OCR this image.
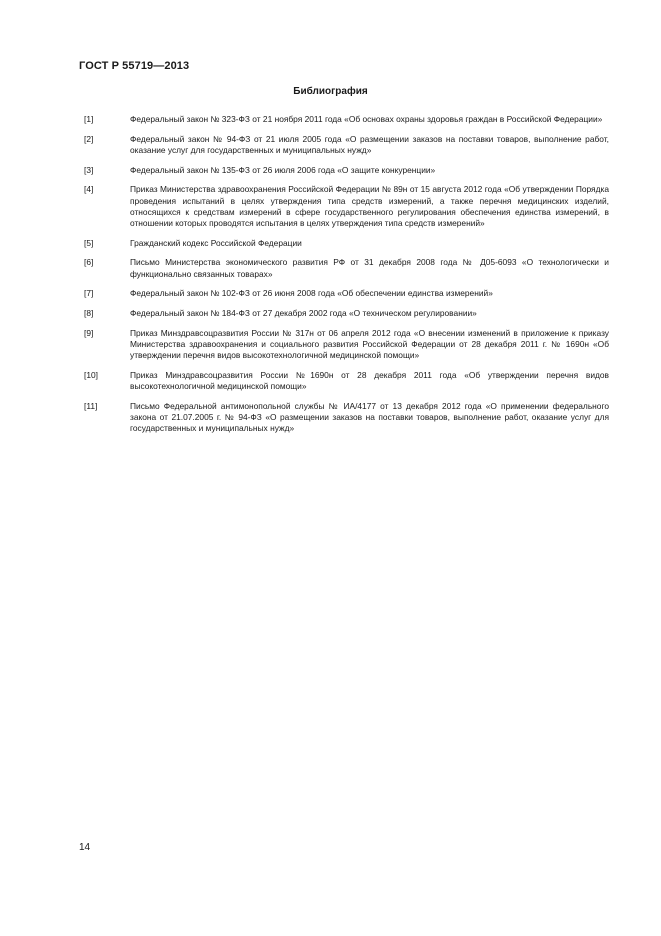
ГОСТ Р 55719—2013
Библиография
[1]	Федеральный закон № 323-ФЗ от 21 ноября 2011 года «Об основах охраны здоровья граждан в Российской Федерации»
[2]	Федеральный закон № 94-ФЗ от 21 июля 2005 года «О размещении заказов на поставки товаров, выполнение работ, оказание услуг для государственных и муниципальных нужд»
[3]	Федеральный закон № 135-ФЗ от 26 июля 2006 года «О защите конкуренции»
[4]	Приказ Министерства здравоохранения Российской Федерации № 89н от 15 августа 2012 года «Об утверждении Порядка проведения испытаний в целях утверждения типа средств измерений, а также перечня медицинских изделий, относящихся к средствам измерений в сфере государственного регулирования обеспечения единства измерений, в отношении которых проводятся испытания в целях утверждения типа средств измерений»
[5]	Гражданский кодекс Российской Федерации
[6]	Письмо Министерства экономического развития РФ от 31 декабря 2008 года № Д05-6093 «О технологически и функционально связанных товарах»
[7]	Федеральный закон № 102-ФЗ от 26 июня 2008 года «Об обеспечении единства измерений»
[8]	Федеральный закон № 184-ФЗ от 27 декабря 2002 года «О техническом регулировании»
[9]	Приказ Минздравсоцразвития России № 317н от 06 апреля 2012 года «О внесении изменений в приложение к приказу Министерства здравоохранения и социального развития Российской Федерации от 28 декабря 2011 г. № 1690н «Об утверждении перечня видов высокотехнологичной медицинской помощи»
[10]	Приказ Минздравсоцразвития России №1690н от 28 декабря 2011 года «Об утверждении перечня видов высокотехнологичной медицинской помощи»
[11]	Письмо Федеральной антимонопольной службы № ИА/4177 от 13 декабря 2012 года «О применении федерального закона от 21.07.2005 г. № 94-ФЗ «О размещении заказов на поставки товаров, выполнение работ, оказание услуг для государственных и муниципальных нужд»
14
